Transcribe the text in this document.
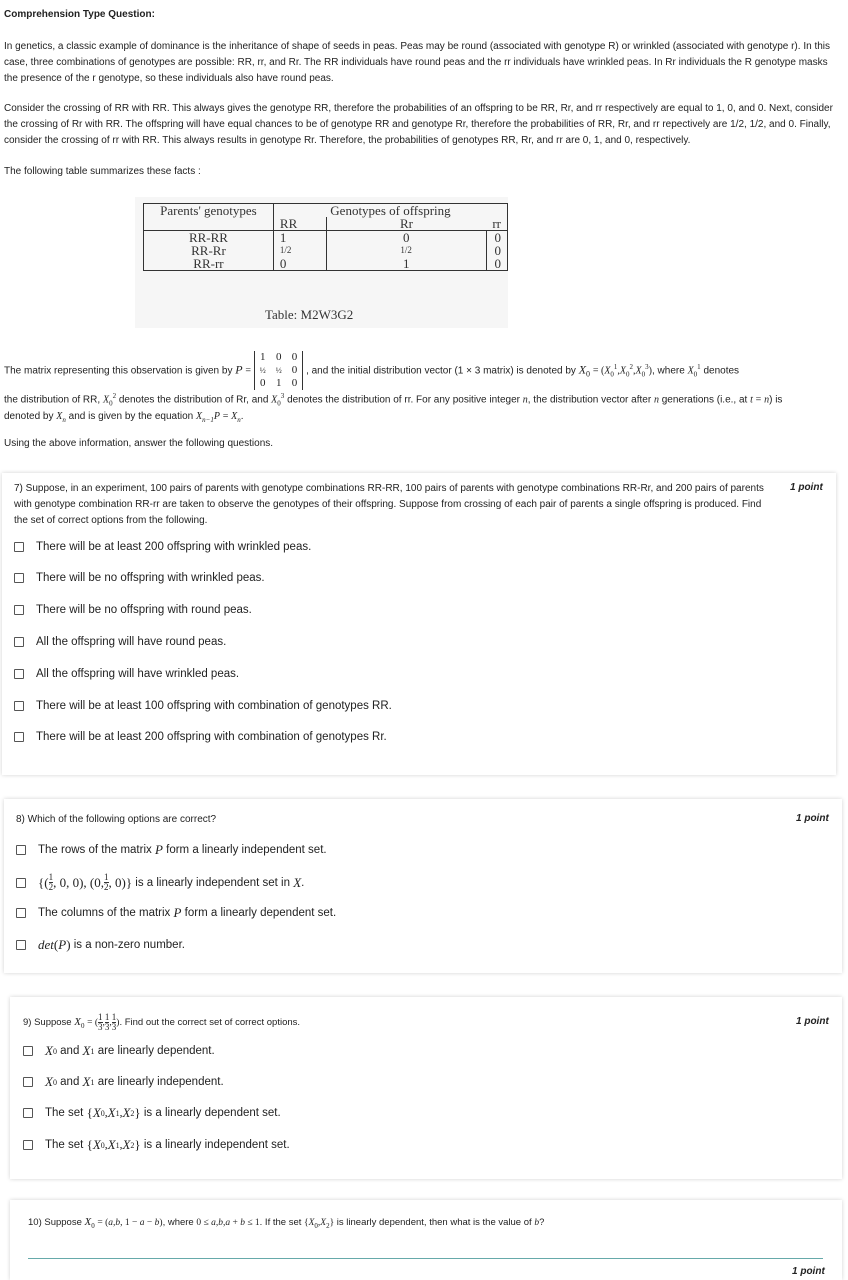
Comprehension Type Question:
In genetics, a classic example of dominance is the inheritance of shape of seeds in peas. Peas may be round (associated with genotype R) or wrinkled (associated with genotype r). In this case, three combinations of genotypes are possible: RR, rr, and Rr. The RR individuals have round peas and the rr individuals have wrinkled peas. In Rr individuals the R genotype masks the presence of the r genotype, so these individuals also have round peas.
Consider the crossing of RR with RR. This always gives the genotype RR, therefore the probabilities of an offspring to be RR, Rr, and rr respectively are equal to 1, 0, and 0. Next, consider the crossing of Rr with RR. The offspring will have equal chances to be of genotype RR and genotype Rr, therefore the probabilities of RR, Rr, and rr repectively are 1/2, 1/2, and 0. Finally, consider the crossing of rr with RR. This always results in genotype Rr. Therefore, the probabilities of genotypes RR, Rr, and rr are 0, 1, and 0, respectively.
The following table summarizes these facts :
Parents' genotypes	Genotypes of offspring		
	RR	Rr	rr
RR-RR	1	0	0
RR-Rr	1/2	1/2	0
RR-rr	0	1	0
Table: M2W3G2
The matrix representing this observation is given by P =
1	0	0
½	½	0
0	1	0
, and the initial distribution vector (1 × 3 matrix) is denoted by $X_0 = (X_0^1,X_0^2,X_0^3)$, where $X_0^1$ denotes
the distribution of RR, $X_0^2$ denotes the distribution of Rr, and $X_0^3$ denotes the distribution of rr. For any positive integer n, the distribution vector after n generations (i.e., at t = n) is
denoted by $X_n$ and is given by the equation $X_{n-1}P = X_n$.
Using the above information, answer the following questions.
7) Suppose, in an experiment, 100 pairs of parents with genotype combinations RR-RR, 100 pairs of parents with genotype combinations RR-Rr, and 200 pairs of parents with genotype combination RR-rr are taken to observe the genotypes of their offspring. Suppose from crossing of each pair of parents a single offspring is produced. Find the set of correct options from the following.
1 point
There will be at least 200 offspring with wrinkled peas.
There will be no offspring with wrinkled peas.
There will be no offspring with round peas.
All the offspring will have round peas.
All the offspring will have wrinkled peas.
There will be at least 100 offspring with combination of genotypes RR.
There will be at least 200 offspring with combination of genotypes Rr.
8) Which of the following options are correct?	1 point
The rows of the matrix
P
form a linearly independent set.
{( $\frac{1}{2}$ , 0, 0), (0, $\frac{1}{2}$ , 0)}
is a linearly independent set in
X .
The columns of the matrix
P
form a linearly dependent set.
det ( P )
is a non-zero number.
9) Suppose $X_0$ = ( $\frac{1}{3}$ , $\frac{1}{3}$ , $\frac{1}{3}$ ). Find out the correct set of correct options.	1 point
X 0
and
X 1
are linearly dependent.
X 0
and
X 1
are linearly independent.
The set
{ X 0 , X 1 , X 2 }
is a linearly dependent set.
The set
{ X 0 , X 1 , X 2 }
is a linearly independent set.
10) Suppose $X_0 = (a,b$, 1 − a − b), where 0 ≤ a,b,a + b ≤ 1. If the set $\{X_0,X_2\}$ is linearly dependent, then what is the value of b?
1 point
